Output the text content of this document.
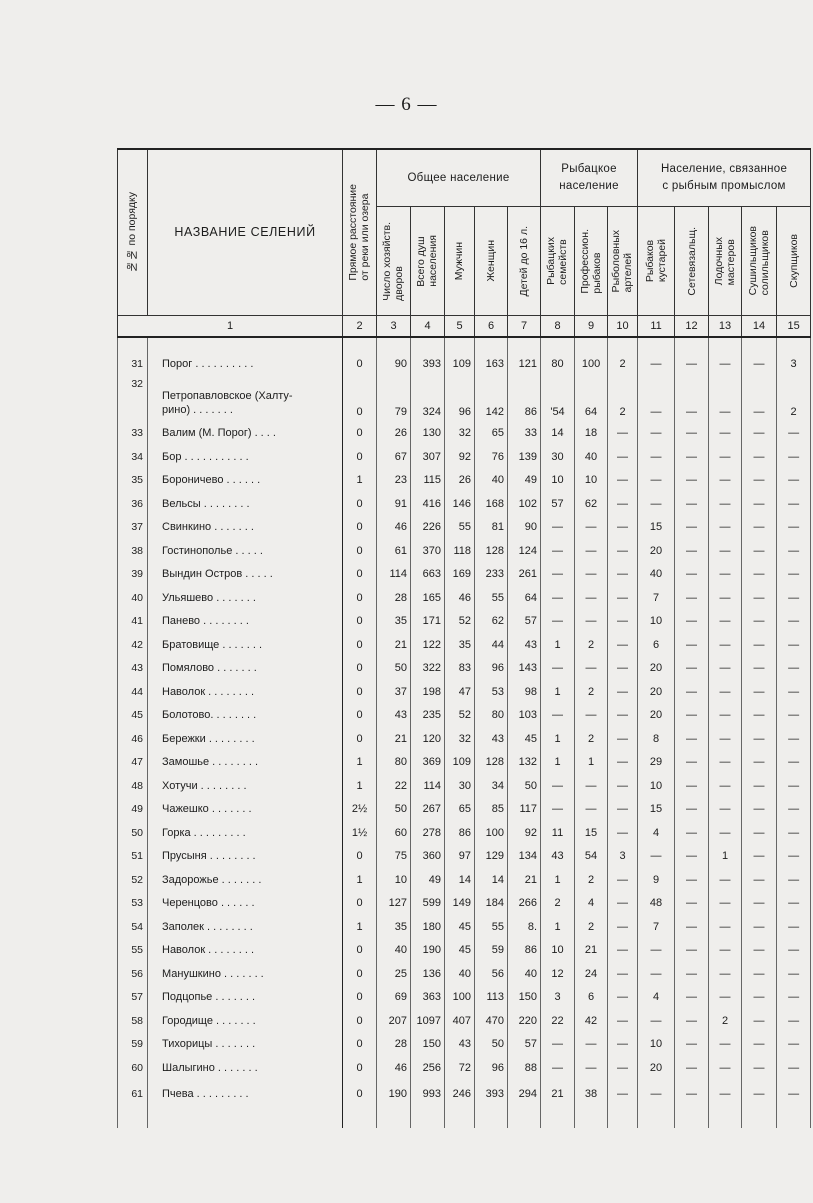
— 6 —
№№ по порядку	НАЗВАНИЕ СЕЛЕНИЙ	Прямое расстояние
от реки или озера	Общее население					Рыбацкое
население			Население, связанное
с рыбным промыслом				

			Число хозяйств.
дворов	Всего душ
населения	Мужчин	Женщин	Детей до 16 л.	Рыбацких
семейств	Профессион.
рыбаков	Рыболовных
артелей	Рыбаков
кустарей	Сетевязальщ.	Лодочных
мастеров	Сушильщиков
солильщиков	Скупщиков

1		2	3	4	5	6	7	8	9	10	11	12	13	14	15

31	Порог . . . . . . . . . .	0	90	393	109	163	121	80	100	2	—	—	—	—	3
32	Петропавловское (Халту-
рино) . . . . . . .	0	79	324	96	142	86	'54	64	2	—	—	—	—	2
33	Валим (М. Порог) . . . .	0	26	130	32	65	33	14	18	—	—	—	—	—	—
34	Бор . . . . . . . . . . .	0	67	307	92	76	139	30	40	—	—	—	—	—	—
35	Бороничево . . . . . .	1	23	115	26	40	49	10	10	—	—	—	—	—	—
36	Вельсы . . . . . . . .	0	91	416	146	168	102	57	62	—	—	—	—	—	—
37	Свинкино . . . . . . .	0	46	226	55	81	90	—	—	—	15	—	—	—	—
38	Гостинополье . . . . .	0	61	370	118	128	124	—	—	—	20	—	—	—	—
39	Вындин Остров . . . . .	0	114	663	169	233	261	—	—	—	40	—	—	—	—
40	Ульяшево . . . . . . .	0	28	165	46	55	64	—	—	—	7	—	—	—	—
41	Панево . . . . . . . .	0	35	171	52	62	57	—	—	—	10	—	—	—	—
42	Братовище . . . . . . .	0	21	122	35	44	43	1	2	—	6	—	—	—	—
43	Помялово . . . . . . .	0	50	322	83	96	143	—	—	—	20	—	—	—	—
44	Наволок . . . . . . . .	0	37	198	47	53	98	1	2	—	20	—	—	—	—
45	Болотово. . . . . . . .	0	43	235	52	80	103	—	—	—	20	—	—	—	—
46	Бережки . . . . . . . .	0	21	120	32	43	45	1	2	—	8	—	—	—	—
47	Замошье . . . . . . . .	1	80	369	109	128	132	1	1	—	29	—	—	—	—
48	Хотучи . . . . . . . .	1	22	114	30	34	50	—	—	—	10	—	—	—	—
49	Чажешко . . . . . . .	2½	50	267	65	85	117	—	—	—	15	—	—	—	—
50	Горка . . . . . . . . .	1½	60	278	86	100	92	11	15	—	4	—	—	—	—
51	Прусыня . . . . . . . .	0	75	360	97	129	134	43	54	3	—	—	1	—	—
52	Задорожье . . . . . . .	1	10	49	14	14	21	1	2	—	9	—	—	—	—
53	Черенцово . . . . . .	0	127	599	149	184	266	2	4	—	48	—	—	—	—
54	Заполек . . . . . . . .	1	35	180	45	55	8.	1	2	—	7	—	—	—	—
55	Наволок . . . . . . . .	0	40	190	45	59	86	10	21	—	—	—	—	—	—
56	Манушкино . . . . . . .	0	25	136	40	56	40	12	24	—	—	—	—	—	—
57	Подцопье . . . . . . .	0	69	363	100	113	150	3	6	—	4	—	—	—	—
58	Городище . . . . . . .	0	207	1097	407	470	220	22	42	—	—	—	2	—	—
59	Тихорицы . . . . . . .	0	28	150	43	50	57	—	—	—	10	—	—	—	—
60	Шалыгино . . . . . . .	0	46	256	72	96	88	—	—	—	20	—	—	—	—
61	Пчева . . . . . . . . .	0	190	993	246	393	294	21	38	—	—	—	—	—	—
